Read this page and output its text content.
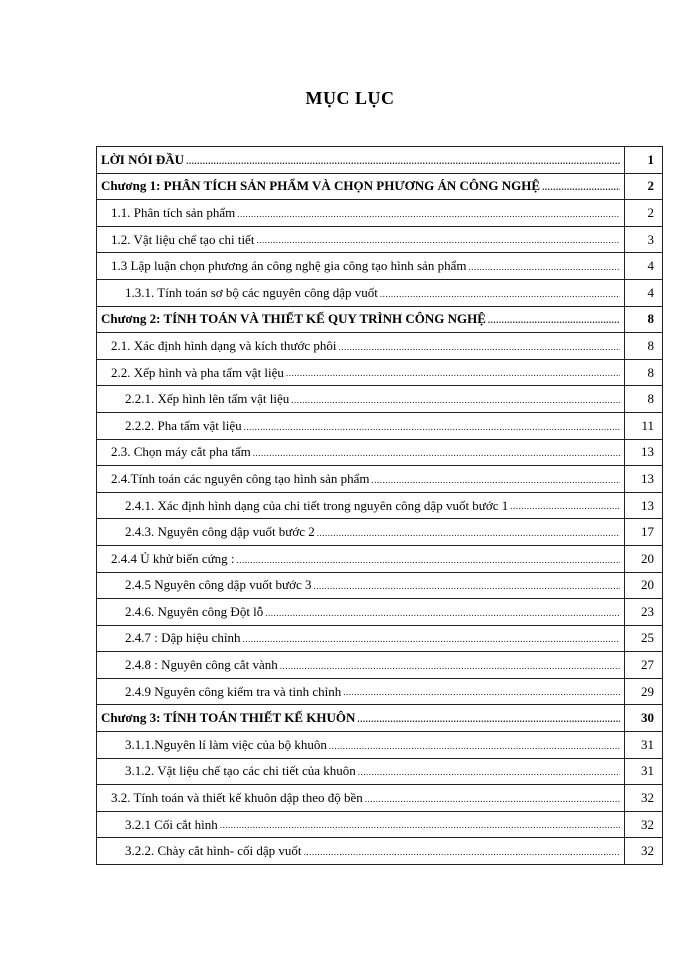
MỤC LỤC
LỜI NÓI ĐẦU .....	1
Chương 1: PHÂN TÍCH SẢN PHẨM VÀ CHỌN PHƯƠNG ÁN CÔNG NGHỆ .....	2
1.1. Phân tích sản phẩm .....	2
1.2. Vật liệu chế tạo chi tiết .....	3
1.3 Lập luận chọn phương án công nghệ gia công tạo hình sản phẩm .....	4
1.3.1. Tính toán sơ bộ các nguyên công dập vuốt .....	4
Chương 2: TÍNH TOÁN VÀ THIẾT KẾ QUY TRÌNH CÔNG NGHỆ .....	8
2.1. Xác định hình dạng và kích thước phôi .....	8
2.2. Xếp hình và pha tấm vật liệu .....	8
2.2.1. Xếp hình lên tấm vật liệu .....	8
2.2.2. Pha tấm vật liệu .....	11
2.3. Chọn máy cắt pha tấm .....	13
2.4.Tính toán các nguyên công tạo hình sản phẩm .....	13
2.4.1. Xác định hình dạng của chi tiết trong nguyên công dập vuốt bước 1 .....	13
2.4.3. Nguyên công dập vuốt bước 2 .....	17
2.4.4 Ủ khử biến cứng : .....	20
2.4.5 Nguyên công dập vuốt bước 3 .....	20
2.4.6. Nguyên công Đột lỗ .....	23
2.4.7 : Dập hiệu chỉnh .....	25
2.4.8 : Nguyên công cắt vành .....	27
2.4.9 Nguyên công kiểm tra và tinh chỉnh .....	29
Chương 3: TÍNH TOÁN THIẾT KẾ KHUÔN .....	30
3.1.1.Nguyên lí làm việc của bộ khuôn .....	31
3.1.2. Vật liệu chế tạo các chi tiết của khuôn .....	31
3.2. Tính toán và thiết kế khuôn dập theo độ bền .....	32
3.2.1 Cối cắt hình .....	32
3.2.2. Chày cắt hình- cối dập vuốt .....	32
